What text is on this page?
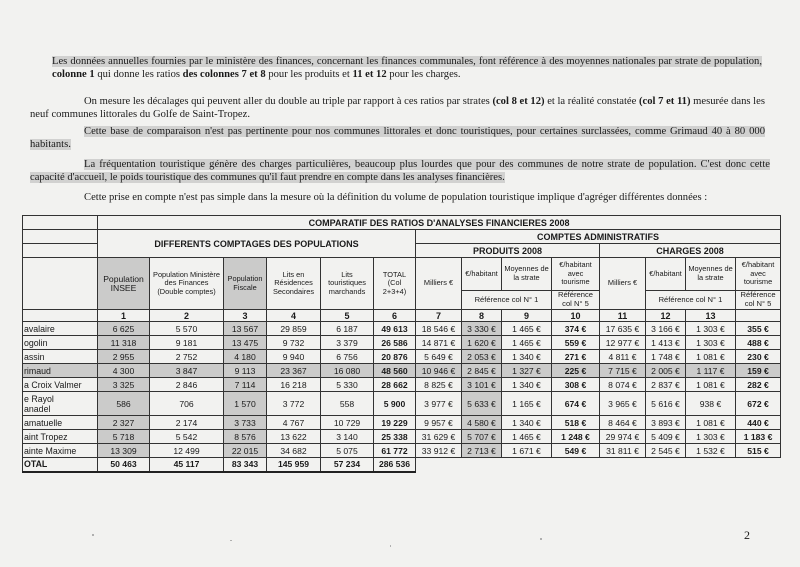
Les données annuelles fournies par le ministère des finances, concernant les finances communales, font référence à des moyennes nationales par strate de population, colonne 1 qui donne les ratios des colonnes 7 et 8 pour les produits et 11 et 12 pour les charges.

On mesure les décalages qui peuvent aller du double au triple par rapport à ces ratios par strates (col 8 et 12) et la réalité constatée (col 7 et 11) mesurée dans les neuf communes littorales du Golfe de Saint-Tropez.

Cette base de comparaison n'est pas pertinente pour nos communes littorales et donc touristiques, pour certaines surclassées, comme Grimaud 40 à 80 000 habitants.

La fréquentation touristique génère des charges particulières, beaucoup plus lourdes que pour des communes de notre strate de population. C'est donc cette capacité d'accueil, le poids touristique des communes qu'il faut prendre en compte dans les analyses financières.

Cette prise en compte n'est pas simple dans la mesure où la définition du volume de population touristique implique d'agréger différentes données :

	COMPARATIF DES RATIOS D'ANALYSES FINANCIERES 2008													
	DIFFERENTS COMPTAGES DES POPULATIONS						COMPTES ADMINISTRATIFS							
							PRODUITS 2008				CHARGES 2008			
	Population INSEE	Population Ministère des Finances (Double comptes)	Population Fiscale	Lits en Résidences Secondaires	Lits touristiques marchands	TOTAL (Col 2+3+4)	Milliers €	€/habitant	Moyennes de la strate	€/habitant avec tourisme	Milliers €	€/habitant	Moyennes de la strate	€/habitant avec tourisme
								Référence col N° 1		Référence col N° 5		Référence col N° 1		Référence col N° 5
	1	2	3	4	5	6	7	8	9	10	11	12	13	
avalaire	6 625	5 570	13 567	29 859	6 187	49 613	18 546 €	3 330 €	1 465 €	374 €	17 635 €	3 166 €	1 303 €	355 €
ogolin	11 318	9 181	13 475	9 732	3 379	26 586	14 871 €	1 620 €	1 465 €	559 €	12 977 €	1 413 €	1 303 €	488 €
assin	2 955	2 752	4 180	9 940	6 756	20 876	5 649 €	2 053 €	1 340 €	271 €	4 811 €	1 748 €	1 081 €	230 €
rimaud	4 300	3 847	9 113	23 367	16 080	48 560	10 946 €	2 845 €	1 327 €	225 €	7 715 €	2 005 €	1 117 €	159 €
a Croix Valmer	3 325	2 846	7 114	16 218	5 330	28 662	8 825 €	3 101 €	1 340 €	308 €	8 074 €	2 837 €	1 081 €	282 €
e Rayol
anadel	586	706	1 570	3 772	558	5 900	3 977 €	5 633 €	1 165 €	674 €	3 965 €	5 616 €	938 €	672 €
amatuelle	2 327	2 174	3 733	4 767	10 729	19 229	9 957 €	4 580 €	1 340 €	518 €	8 464 €	3 893 €	1 081 €	440 €
aint Tropez	5 718	5 542	8 576	13 622	3 140	25 338	31 629 €	5 707 €	1 465 €	1 248 €	29 974 €	5 409 €	1 303 €	1 183 €
ainte Maxime	13 309	12 499	22 015	34 682	5 075	61 772	33 912 €	2 713 €	1 671 €	549 €	31 811 €	2 545 €	1 532 €	515 €
OTAL	50 463	45 117	83 343	145 959	57 234	286 536								
2
